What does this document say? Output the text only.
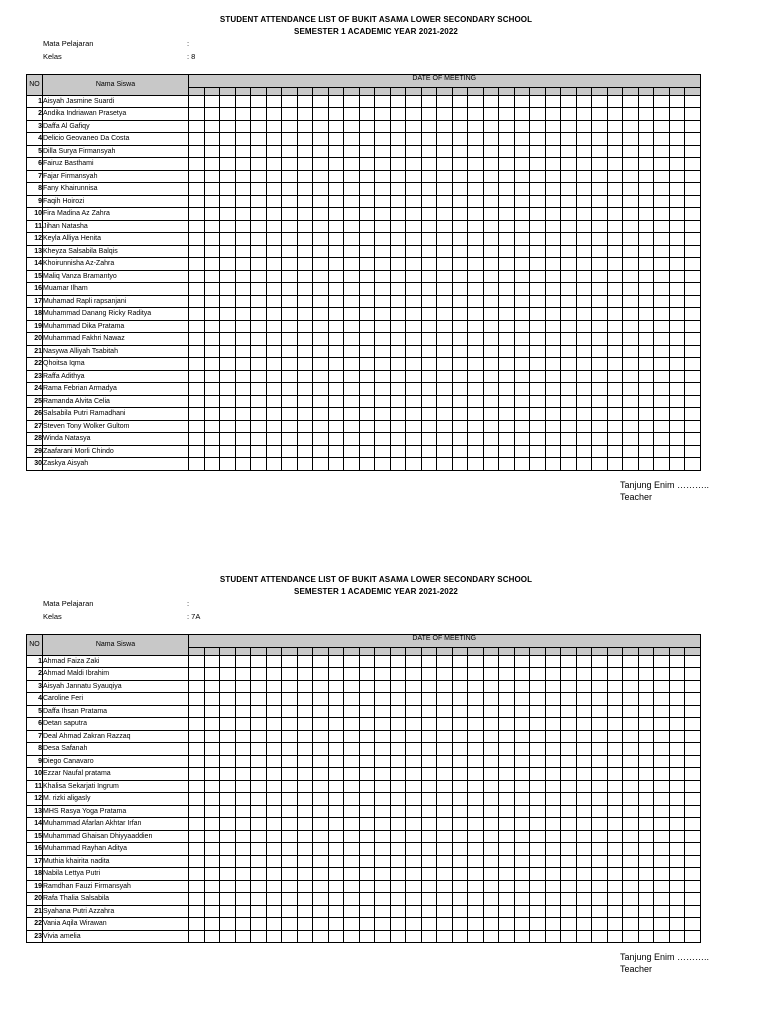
STUDENT ATTENDANCE LIST OF BUKIT ASAMA LOWER SECONDARY SCHOOL
SEMESTER 1 ACADEMIC YEAR 2021-2022
Mata Pelajaran	:
Kelas	: 8
NO	Nama Siswa	DATE OF MEETING																																

1	Aisyah Jasmine Suardi																																	
2	Andika Indriawan Prasetya																																	
3	Daffa Al Gafiqy																																	
4	Delicio Geovaneo Da Costa																																	
5	Dilla Surya Firmansyah																																	
6	Fairuz Basthami																																	
7	Fajar Firmansyah																																	
8	Fany Khairunnisa																																	
9	Faqih Hoirozi																																	
10	Fira Madina Az Zahra																																	
11	Jihan Natasha																																	
12	Keyla Alliya Henita																																	
13	Kheyza Salsabila Balqis																																	
14	Khoirunnisha Az-Zahra																																	
15	Maliq Vanza Bramantyo																																	
16	Muamar Ilham																																	
17	Muhamad Rapli rapsanjani																																	
18	Muhammad Danang Ricky Raditya																																	
19	Muhammad Dika Pratama																																	
20	Muhammad Fakhri Nawaz																																	
21	Nasywa Alliyah Tsabitah																																	
22	Qhoitsa Iqma																																	
23	Raffa Adithya																																	
24	Rama Febrian Armadya																																	
25	Ramanda Alvita Celia																																	
26	Salsabila Putri Ramadhani																																	
27	Steven Tony Wolker Gultom																																	
28	Winda Natasya																																	
29	Zaafarani Morli Chindo																																	
30	Zaskya Aisyah																																	
Tanjung Enim ………..
Teacher
STUDENT ATTENDANCE LIST OF BUKIT ASAMA LOWER SECONDARY SCHOOL
SEMESTER 1 ACADEMIC YEAR 2021-2022
Mata Pelajaran	:
Kelas	: 7A
NO	Nama Siswa	DATE OF MEETING																																

1	Ahmad Faiza Zaki																																	
2	Ahmad Maldi Ibrahim																																	
3	Aisyah Jannatu Syauqiya																																	
4	Caroline Feri																																	
5	Daffa Ihsan Pratama																																	
6	Detan saputra																																	
7	Deal Ahmad Zakran Razzaq																																	
8	Desa Safanah																																	
9	Diego Canavaro																																	
10	Ezzar Naufal pratama																																	
11	Khalisa Sekarjati Ingrum																																	
12	M. rizki aligasly																																	
13	MHS Rasya Yoga Pratama																																	
14	Muhammad Afarlan Akhtar Irfan																																	
15	Muhammad Ghaisan Dhiyyaaddien																																	
16	Muhammad Rayhan Aditya																																	
17	Muthia khairita nadita																																	
18	Nabila Lettya Putri																																	
19	Ramdhan Fauzi Firmansyah																																	
20	Rafa Thalia Salsabila																																	
21	Syahana Putri Azzahra																																	
22	Vania Aqila Wirawan																																	
23	Vivia amelia																																	
Tanjung Enim ………..
Teacher
